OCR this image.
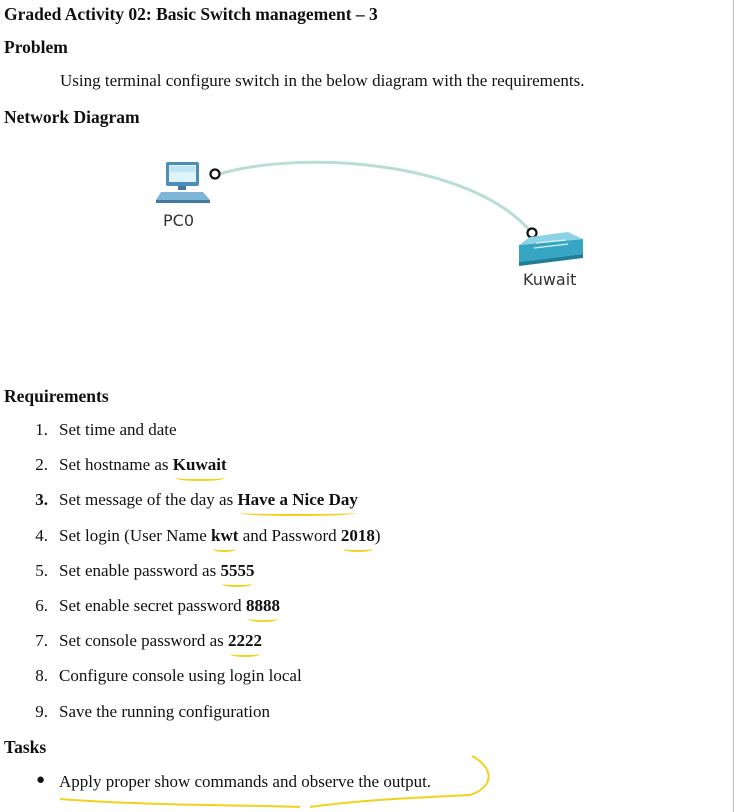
Graded Activity 02: Basic Switch management – 3
Problem
Using terminal configure switch in the below diagram with the requirements.
Network Diagram
PC0
Kuwait
Requirements
1. Set time and date
2. Set hostname as Kuwait
3. Set message of the day as Have a Nice Day
4. Set login (User Name kwt and Password 2018)
5. Set enable password as 5555
6. Set enable secret password 8888
7. Set console password as 2222
8. Configure console using login local
9. Save the running configuration
Tasks
● Apply proper show commands and observe the output.
